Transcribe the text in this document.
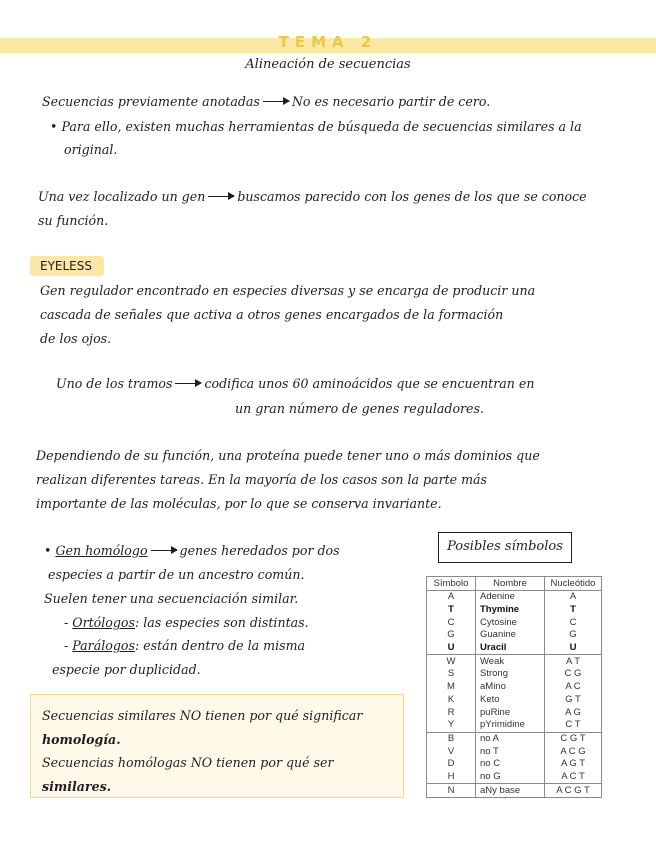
TEMA 2
Alineación de secuencias
Secuencias previamente anotadas	No es necesario partir de cero.
• Para ello, existen muchas herramientas de búsqueda de secuencias similares a la
original.
Una vez localizado un gen	buscamos parecido con los genes de los que se conoce
su función.
EYELESS
Gen regulador encontrado en especies diversas y se encarga de producir una
cascada de señales que activa a otros genes encargados de la formación
de los ojos.
Uno de los tramos	codifica unos 60 aminoácidos que se encuentran en
un gran número de genes reguladores.
Dependiendo de su función, una proteína puede tener uno o más dominios que
realizan diferentes tareas. En la mayoría de los casos son la parte más
importante de las moléculas, por lo que se conserva invariante.
• Gen homólogo	genes heredados por dos
especies a partir de un ancestro común.
Suelen tener una secuenciación similar.
- Ortólogos: las especies son distintas.
- Parálogos: están dentro de la misma
especie por duplicidad.
Secuencias similares NO tienen por qué significar
homología.
Secuencias homólogas NO tienen por qué ser
similares.
Posibles símbolos
Símbolo	Nombre	Nucleótido
A	Adenine	A
T	Thymine	T
C	Cytosine	C
G	Guanine	G
U	Uracil	U
W	Weak	A T
S	Strong	C G
M	aMino	A C
K	Keto	G T
R	puRine	A G
Y	pYrimidine	C T
B	no A	C G T
V	no T	A C G
D	no C	A G T
H	no G	A C T
N	aNy base	A C G T
